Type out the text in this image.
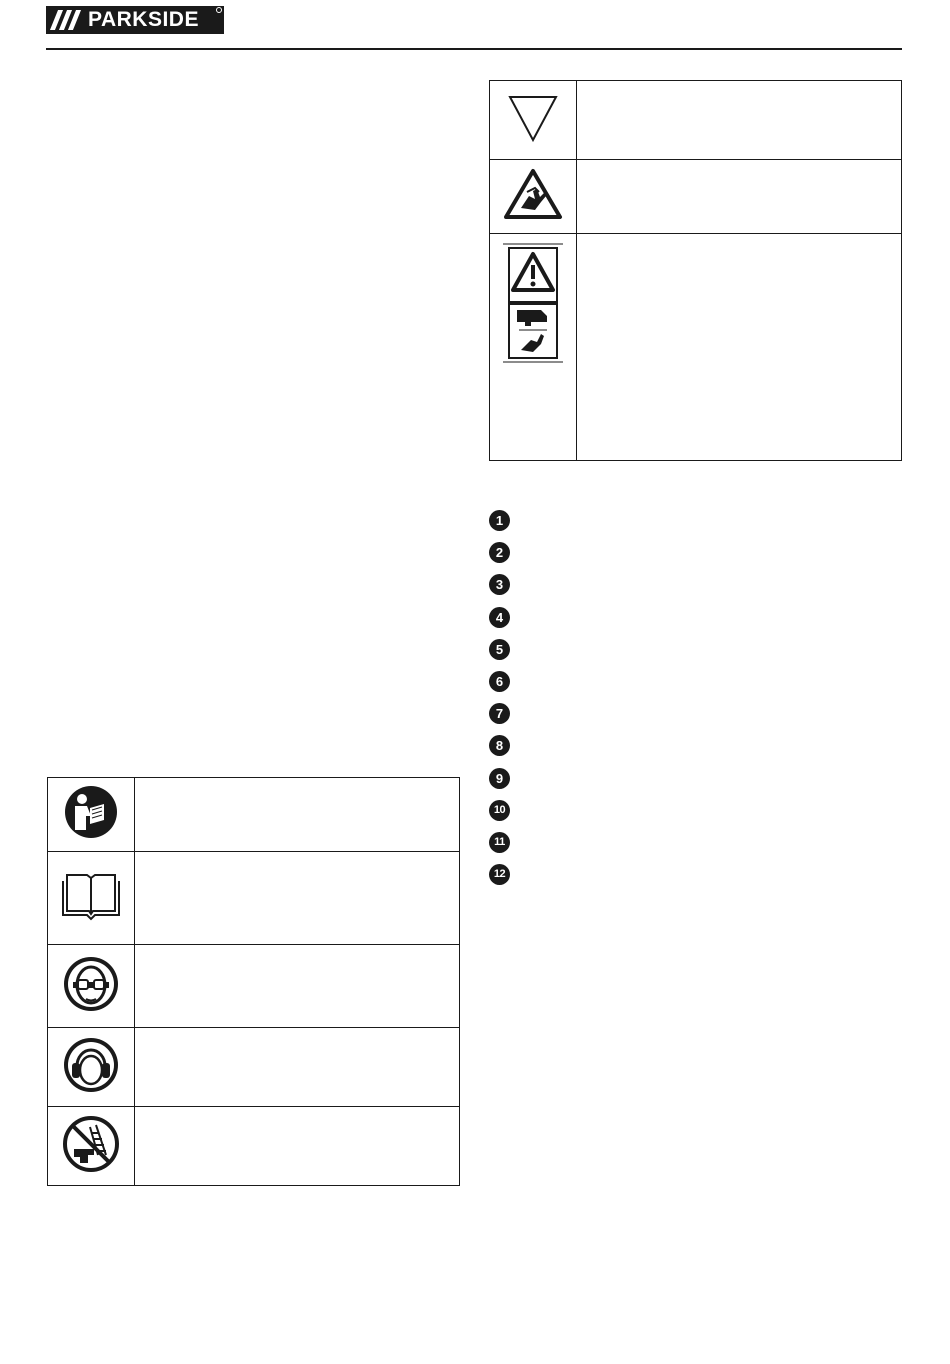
PARKSIDE

1
2
3
4
5
6
7
8
9
10
11
12
